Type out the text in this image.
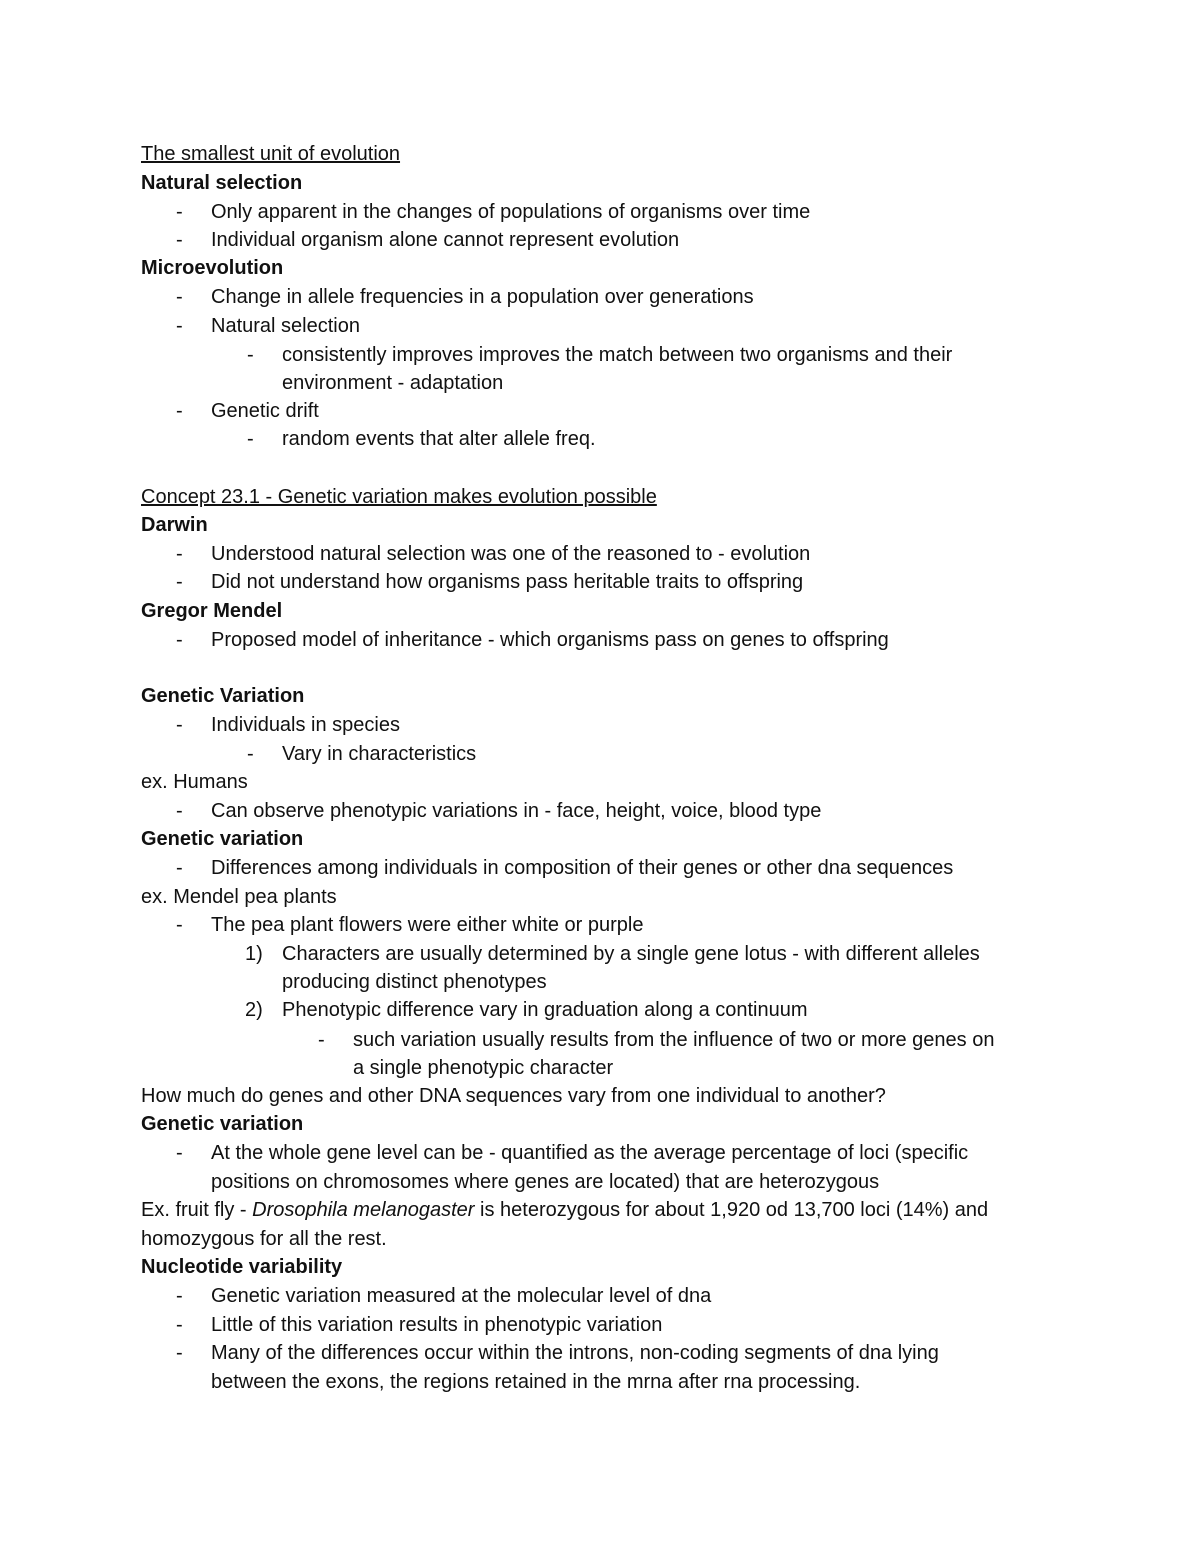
The smallest unit of evolution
Natural selection
- Only apparent in the changes of populations of organisms over time
- Individual organism alone cannot represent evolution
Microevolution
- Change in allele frequencies in a population over generations
- Natural selection
- consistently improves improves the match between two organisms and their
environment - adaptation
- Genetic drift
- random events that alter allele freq.
Concept 23.1 - Genetic variation makes evolution possible
Darwin
- Understood natural selection was one of the reasoned to - evolution
- Did not understand how organisms pass heritable traits to offspring
Gregor Mendel
- Proposed model of inheritance - which organisms pass on genes to offspring
Genetic Variation
- Individuals in species
- Vary in characteristics
ex. Humans
- Can observe phenotypic variations in - face, height, voice, blood type
Genetic variation
- Differences among individuals in composition of their genes or other dna sequences
ex. Mendel pea plants
- The pea plant flowers were either white or purple
1) Characters are usually determined by a single gene lotus - with different alleles
producing distinct phenotypes
2) Phenotypic difference vary in graduation along a continuum
- such variation usually results from the influence of two or more genes on
a single phenotypic character
How much do genes and other DNA sequences vary from one individual to another?
Genetic variation
- At the whole gene level can be - quantified as the average percentage of loci (specific
positions on chromosomes where genes are located) that are heterozygous
Ex. fruit fly - Drosophila melanogaster is heterozygous for about 1,920 od 13,700 loci (14%) and
homozygous for all the rest.
Nucleotide variability
- Genetic variation measured at the molecular level of dna
- Little of this variation results in phenotypic variation
- Many of the differences occur within the introns, non-coding segments of dna lying
between the exons, the regions retained in the mrna after rna processing.
